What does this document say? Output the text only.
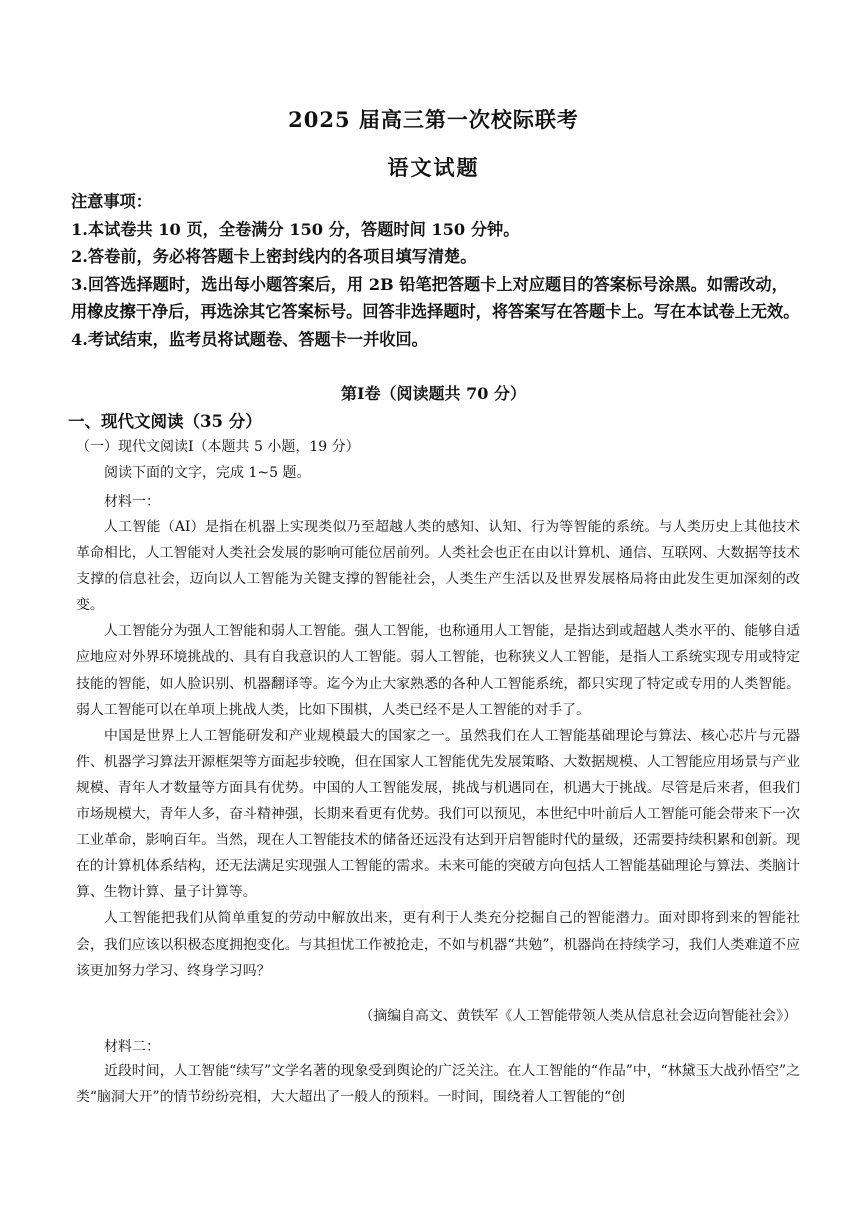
2025 届高三第一次校际联考
语文试题

注意事项：

1.本试卷共 10 页，全卷满分 150 分，答题时间 150 分钟。

2.答卷前，务必将答题卡上密封线内的各项目填写清楚。

3.回答选择题时，选出每小题答案后，用 2B 铅笔把答题卡上对应题目的答案标号涂黑。如需改动，用橡皮擦干净后，再选涂其它答案标号。回答非选择题时，将答案写在答题卡上。写在本试卷上无效。

4.考试结束，监考员将试题卷、答题卡一并收回。

第Ⅰ卷（阅读题共 70 分）
一、现代文阅读（35 分）
（一）现代文阅读Ⅰ（本题共 5 小题，19 分）
阅读下面的文字，完成 1~5 题。
材料一：

人工智能（AI）是指在机器上实现类似乃至超越人类的感知、认知、行为等智能的系统。与人类历史上其他技术革命相比，人工智能对人类社会发展的影响可能位居前列。人类社会也正在由以计算机、通信、互联网、大数据等技术支撑的信息社会，迈向以人工智能为关键支撑的智能社会，人类生产生活以及世界发展格局将由此发生更加深刻的改变。

人工智能分为强人工智能和弱人工智能。强人工智能，也称通用人工智能，是指达到或超越人类水平的、能够自适应地应对外界环境挑战的、具有自我意识的人工智能。弱人工智能，也称狭义人工智能，是指人工系统实现专用或特定技能的智能，如人脸识别、机器翻译等。迄今为止大家熟悉的各种人工智能系统，都只实现了特定或专用的人类智能。弱人工智能可以在单项上挑战人类，比如下围棋，人类已经不是人工智能的对手了。

中国是世界上人工智能研发和产业规模最大的国家之一。虽然我们在人工智能基础理论与算法、核心芯片与元器件、机器学习算法开源框架等方面起步较晚，但在国家人工智能优先发展策略、大数据规模、人工智能应用场景与产业规模、青年人才数量等方面具有优势。中国的人工智能发展，挑战与机遇同在，机遇大于挑战。尽管是后来者，但我们市场规模大，青年人多，奋斗精神强，长期来看更有优势。我们可以预见，本世纪中叶前后人工智能可能会带来下一次工业革命，影响百年。当然，现在人工智能技术的储备还远没有达到开启智能时代的量级，还需要持续积累和创新。现在的计算机体系结构，还无法满足实现强人工智能的需求。未来可能的突破方向包括人工智能基础理论与算法、类脑计算、生物计算、量子计算等。

人工智能把我们从简单重复的劳动中解放出来，更有利于人类充分挖掘自己的智能潜力。面对即将到来的智能社会，我们应该以积极态度拥抱变化。与其担忧工作被抢走，不如与机器“共勉”，机器尚在持续学习，我们人类难道不应该更加努力学习、终身学习吗？

（摘编自高文、黄铁军《人工智能带领人类从信息社会迈向智能社会》）
材料二：

近段时间，人工智能“续写”文学名著的现象受到舆论的广泛关注。在人工智能的“作品”中，“林黛玉大战孙悟空”之类“脑洞大开”的情节纷纷亮相，大大超出了一般人的预料。一时间，围绕着人工智能的“创
